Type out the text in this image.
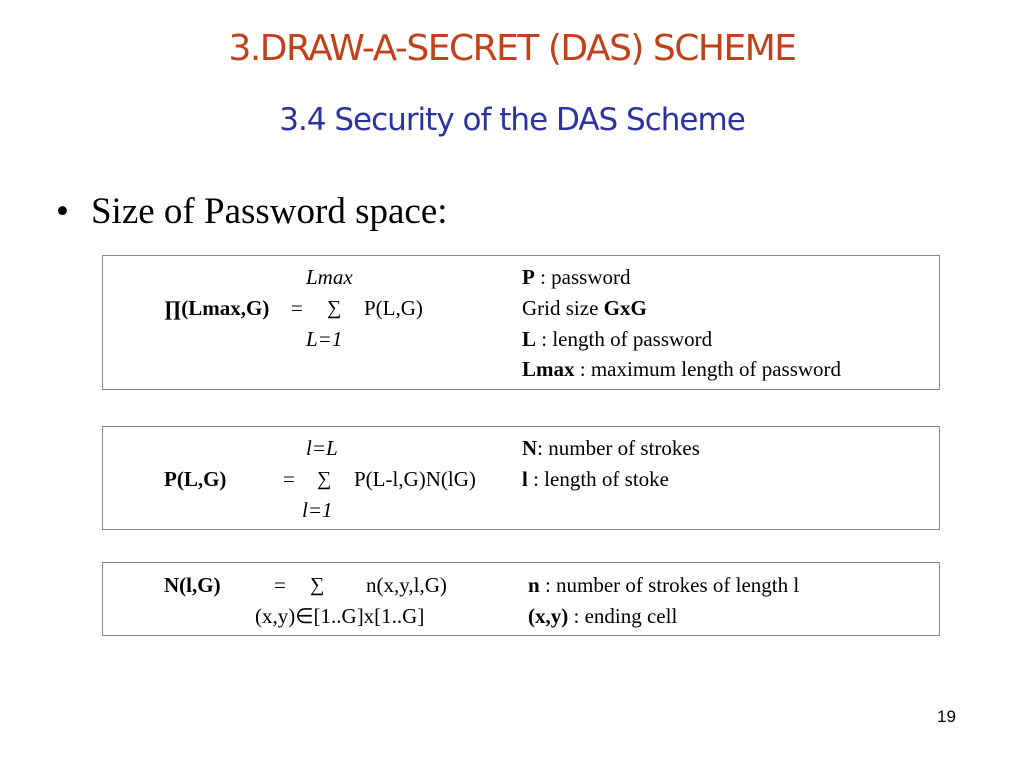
3.DRAW-A-SECRET (DAS) SCHEME
3.4 Security of the DAS Scheme
• Size of Password space:
Lmax
∏(Lmax,G) = ∑ P(L,G)
L=1
P : password
Grid size GxG
L : length of password
Lmax : maximum length of password
l=L
P(L,G)	= ∑ P(L-l,G)N(lG)
l=1
N: number of strokes
l : length of stoke
N(l,G)	= ∑ n(x,y,l,G)
(x,y)∈[1..G]x[1..G]
n : number of strokes of length l
(x,y) : ending cell
19
